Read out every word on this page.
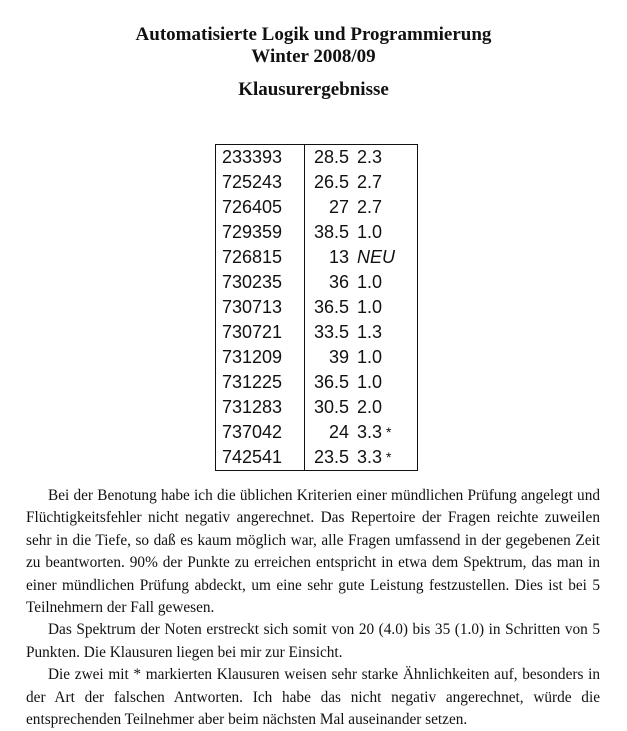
Automatisierte Logik und Programmierung
Winter 2008/09
Klausurergebnisse
233393	28.5	2.3
725243	26.5	2.7
726405	27	2.7
729359	38.5	1.0
726815	13	NEU
730235	36	1.0
730713	36.5	1.0
730721	33.5	1.3
731209	39	1.0
731225	36.5	1.0
731283	30.5	2.0
737042	24	3.3 *
742541	23.5	3.3 *

Bei der Benotung habe ich die üblichen Kriterien einer mündlichen Prüfung angelegt und Flüchtigkeitsfehler nicht negativ angerechnet. Das Repertoire der Fragen reichte zuweilen sehr in die Tiefe, so daß es kaum möglich war, alle Fragen umfassend in der gegebenen Zeit zu beantworten. 90% der Punkte zu erreichen entspricht in etwa dem Spektrum, das man in einer mündlichen Prüfung abdeckt, um eine sehr gute Leistung festzustellen. Dies ist bei 5 Teilnehmern der Fall gewesen.

Das Spektrum der Noten erstreckt sich somit von 20 (4.0) bis 35 (1.0) in Schritten von 5 Punkten. Die Klausuren liegen bei mir zur Einsicht.

Die zwei mit * markierten Klausuren weisen sehr starke Ähnlichkeiten auf, besonders in der Art der falschen Antworten. Ich habe das nicht negativ angerechnet, würde die entsprechenden Teilnehmer aber beim nächsten Mal auseinander setzen.
